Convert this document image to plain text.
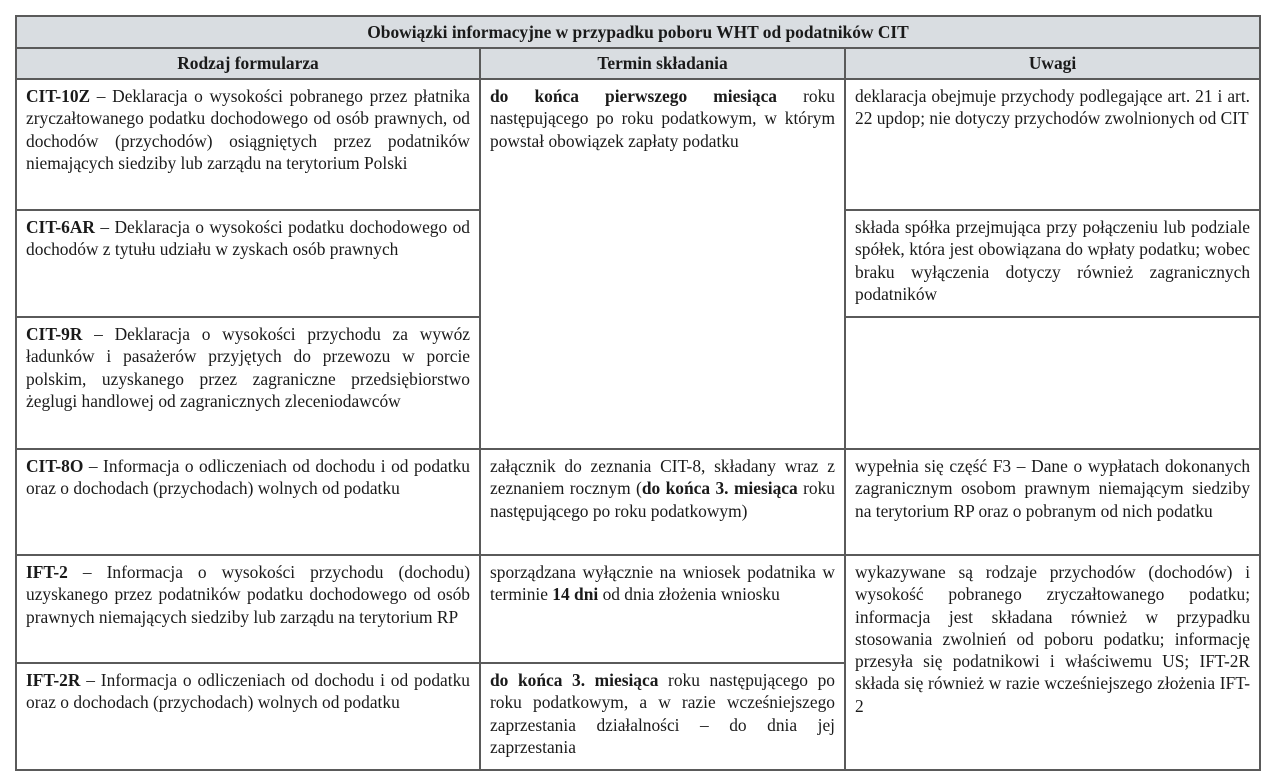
Obowiązki informacyjne w przypadku poboru WHT od podatników CIT		
Rodzaj formularza	Termin składania	Uwagi
CIT-10Z – Deklaracja o wysokości pobranego przez płatnika zryczałtowanego podatku dochodowego od osób prawnych, od dochodów (przychodów) osiągniętych przez podatników niemających siedziby lub zarządu na terytorium Polski	do końca pierwszego miesiąca roku następującego po roku podatkowym, w którym powstał obowiązek zapłaty podatku	deklaracja obejmuje przychody podlegające art. 21 i art. 22 updop; nie dotyczy przychodów zwolnionych od CIT
CIT-6AR – Deklaracja o wysokości podatku dochodowego od dochodów z tytułu udziału w zyskach osób prawnych		składa spółka przejmująca przy połączeniu lub podziale spółek, która jest obowiązana do wpłaty podatku; wobec braku wyłączenia dotyczy również zagranicznych podatników
CIT-9R – Deklaracja o wysokości przychodu za wywóz ładunków i pasażerów przyjętych do przewozu w porcie polskim, uzyskanego przez zagraniczne przedsiębiorstwo żeglugi handlowej od zagranicznych zleceniodawców		
CIT-8O – Informacja o odliczeniach od dochodu i od podatku oraz o dochodach (przychodach) wolnych od podatku	załącznik do zeznania CIT-8, składany wraz z zeznaniem rocznym (do końca 3. miesiąca roku następującego po roku podatkowym)	wypełnia się część F3 – Dane o wypłatach dokonanych zagranicznym osobom prawnym niemającym siedziby na terytorium RP oraz o pobranym od nich podatku
IFT-2 – Informacja o wysokości przychodu (dochodu) uzyskanego przez podatników podatku dochodowego od osób prawnych niemających siedziby lub zarządu na terytorium RP	sporządzana wyłącznie na wniosek podatnika w terminie 14 dni od dnia złożenia wniosku	wykazywane są rodzaje przychodów (dochodów) i wysokość pobranego zryczałtowanego podatku; informacja jest składana również w przypadku stosowania zwolnień od poboru podatku; informację przesyła się podatnikowi i właściwemu US; IFT-2R składa się również w razie wcześniejszego złożenia IFT-2
IFT-2R – Informacja o odliczeniach od dochodu i od podatku oraz o dochodach (przychodach) wolnych od podatku	do końca 3. miesiąca roku następującego po roku podatkowym, a w razie wcześniejszego zaprzestania działalności – do dnia jej zaprzestania	
